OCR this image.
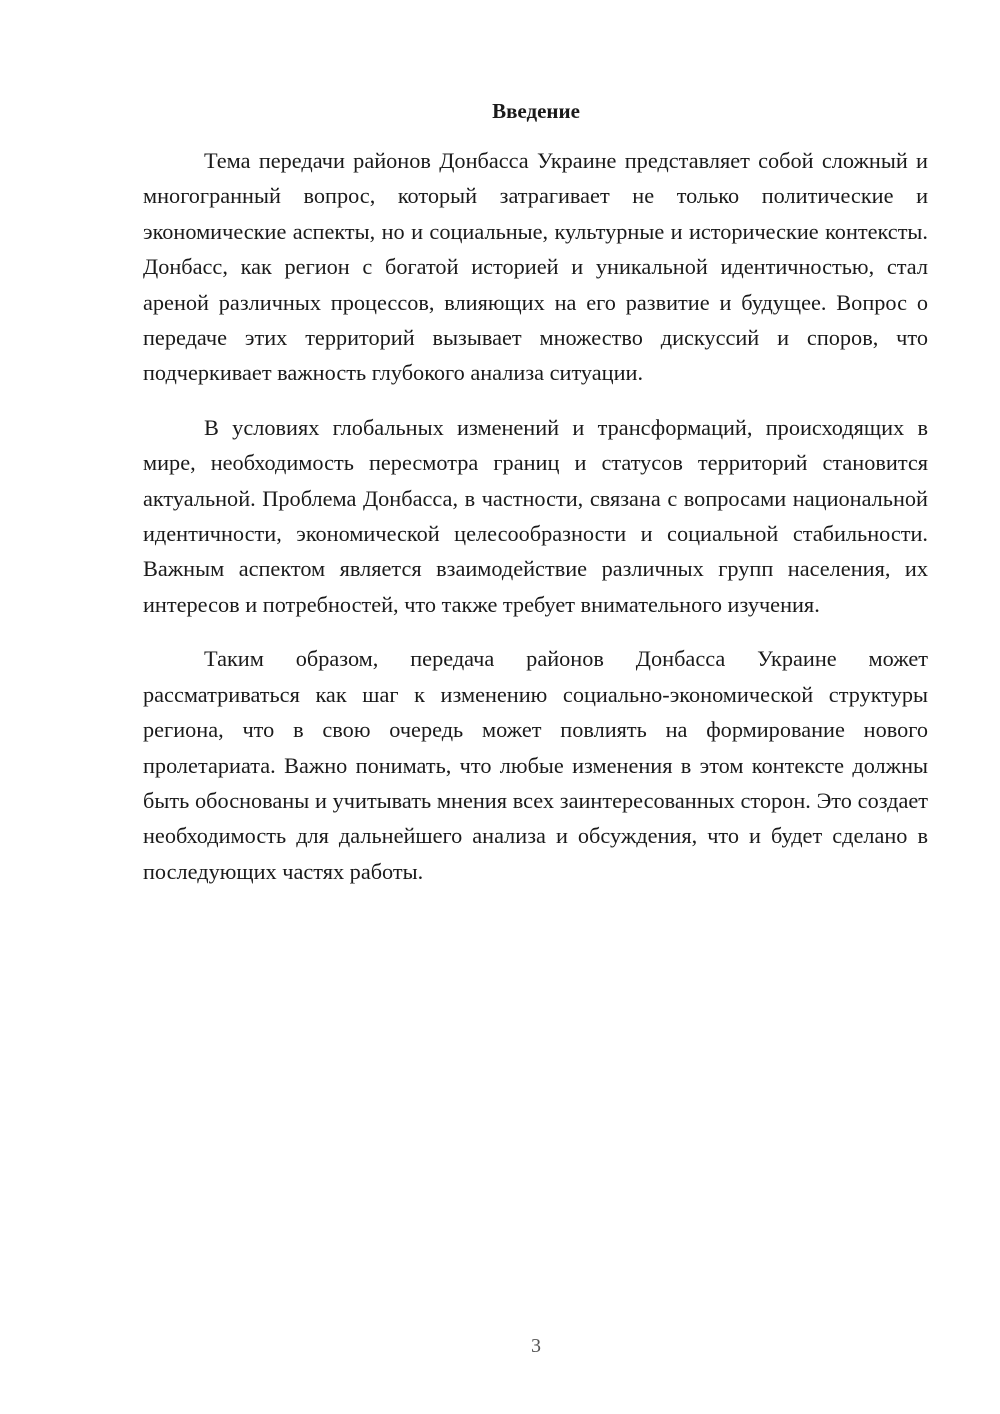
Введение

Тема передачи районов Донбасса Украине представляет собой сложный и многогранный вопрос, который затрагивает не только политические и экономические аспекты, но и социальные, культурные и исторические контексты. Донбасс, как регион с богатой историей и уникальной идентичностью, стал ареной различных процессов, влияющих на его развитие и будущее. Вопрос о передаче этих территорий вызывает множество дискуссий и споров, что подчеркивает важность глубокого анализа ситуации.

В условиях глобальных изменений и трансформаций, происходящих в мире, необходимость пересмотра границ и статусов территорий становится актуальной. Проблема Донбасса, в частности, связана с вопросами национальной идентичности, экономической целесообразности и социальной стабильности. Важным аспектом является взаимодействие различных групп населения, их интересов и потребностей, что также требует внимательного изучения.

Таким образом, передача районов Донбасса Украине может рассматриваться как шаг к изменению социально-экономической структуры региона, что в свою очередь может повлиять на формирование нового пролетариата. Важно понимать, что любые изменения в этом контексте должны быть обоснованы и учитывать мнения всех заинтересованных сторон. Это создает необходимость для дальнейшего анализа и обсуждения, что и будет сделано в последующих частях работы.

3
